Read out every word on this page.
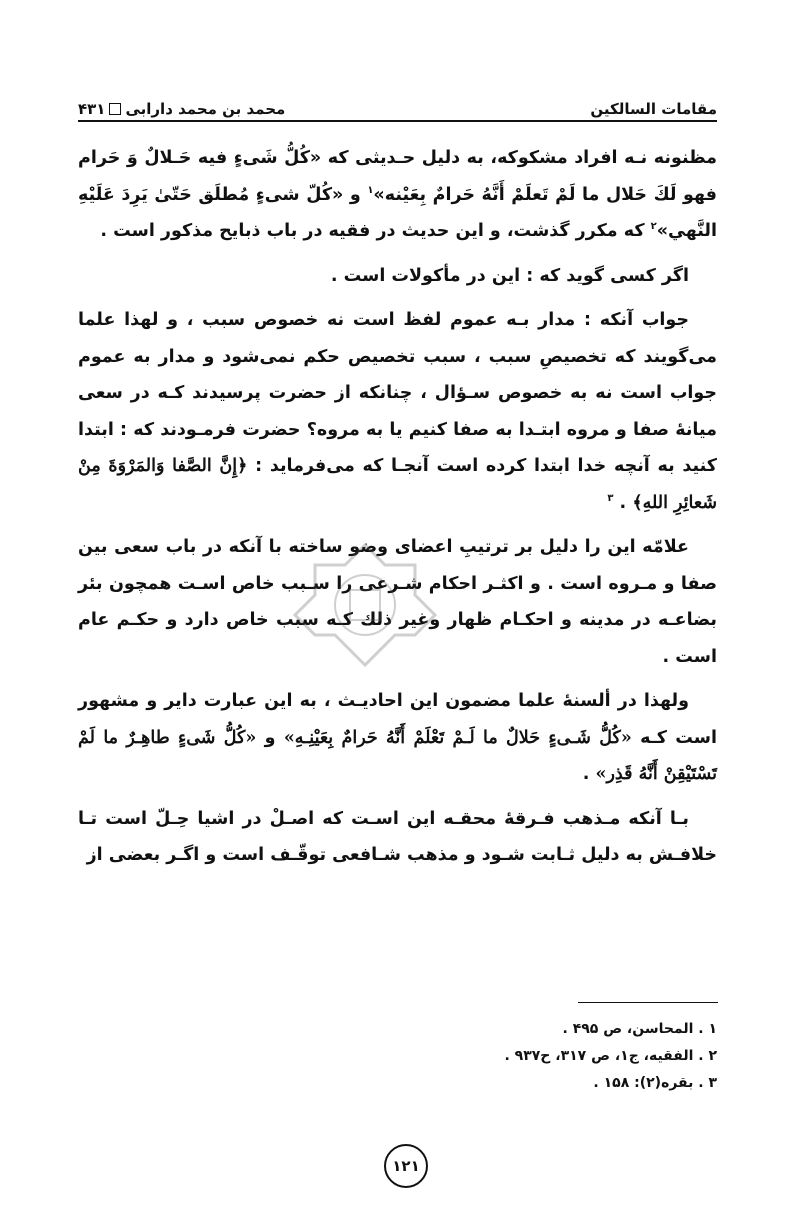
مقامات السالكين
محمد بن محمد دارابی
۴۳۱

مظنونه نـه افراد مشكوكه، به دليل حـديثی كه «كُلُّ شَیءٍ فیه حَـلالٌ وَ حَرام فهو لَكَ حَلال ما لَمْ تَعلَمْ أَنَّهُ حَرامٌ بِعَیْنه»$^۱$ و «كُلّ شیءٍ مُطلَق حَتّیٰ یَرِدَ عَلَیْهِ النَّهي»$^۲$ كه مكرر گذشت، و اين حديث در فقيه در باب ذبايح مذكور است .

اگر كسی گويد كه : اين در مأكولات است .

جواب آنكه : مدار بـه عموم لفظ است نه خصوص سبب ، و لهذا علما می‌گويند كه تخصيصِ سبب ، سبب تخصيص حكم نمی‌شود و مدار به عموم جواب است نه به خصوص سـؤال ، چنانكه از حضرت پرسيدند كـه در سعی ميانهٔ صفا و مروه ابتـدا به صفا كنيم يا به مروه؟ حضرت فرمـودند كه : ابتدا كنيد به آنچه خدا ابتدا كرده است آنجـا كه می‌فرمايد : ﴿إِنَّ الصَّفا وَالمَرْوَةَ مِنْ شَعائِرِ اللهِ﴾ . $^۳$

علامّه اين را دليل بر ترتيبِ اعضای وضو ساخته با آنكه در باب سعی بين صفا و مـروه است . و اكثـر احكام شـرعی را سـبب خاص اسـت همچون بئر بضاعـه در مدينه و احكـام ظهار وغير ذلك كـه سبب خاص دارد و حكـم عام است .

ولهذا در ألسنهٔ علما مضمون اين احاديـث ، به اين عبارت داير و مشهور است كـه «كُلُّ شَـیءٍ حَلالٌ ما لَـمْ تَعْلَمْ أَنَّهُ حَرامٌ بِعَیْنِـهِ» و «كُلُّ شَیءٍ طاهِـرٌ ما لَمْ تَسْتَیْقِنْ أَنَّهُ قَذِر» .

بـا آنكه مـذهب فـرقهٔ محقـه اين اسـت كه اصـلْ در اشيا حِـلّ است تـا خلافـش به دليل ثـابت شـود و مذهب شـافعی توقّـف است و اگـر بعضی از

۱ . المحاسن، ص ۴۹۵ .
۲ . الفقيه، ج۱، ص ۳۱۷، ح۹۳۷ .
۳ . بقره(۲): ۱۵۸ .
۱۲۱
